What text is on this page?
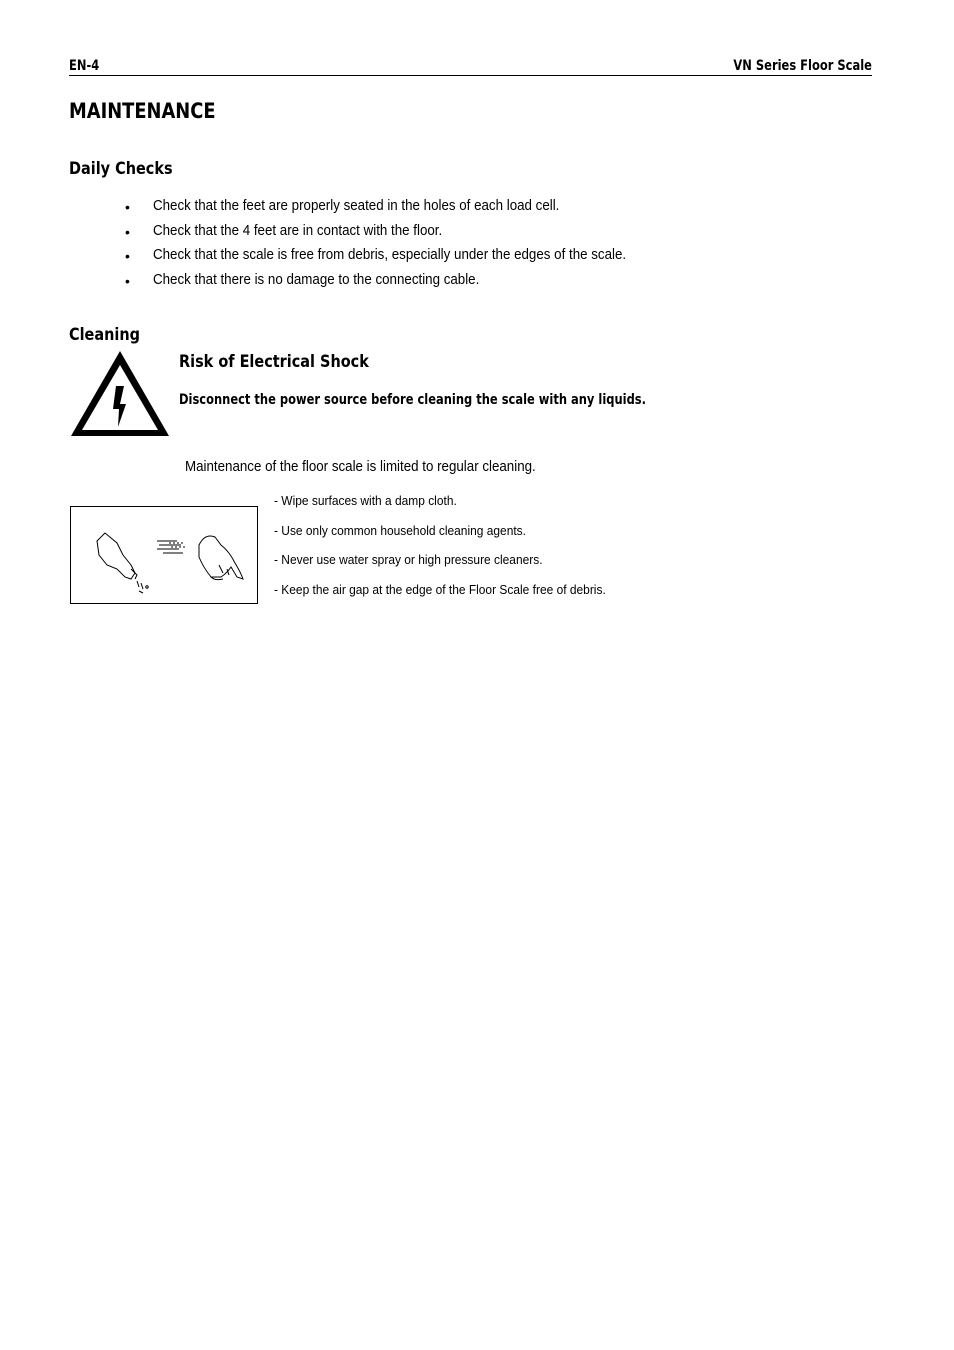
EN-4	VN Series Floor Scale
MAINTENANCE
Daily Checks
• Check that the feet are properly seated in the holes of each load cell.
• Check that the 4 feet are in contact with the floor.
• Check that the scale is free from debris, especially under the edges of the scale.
• Check that there is no damage to the connecting cable.
Cleaning
Risk of Electrical Shock
Disconnect the power source before cleaning the scale with any liquids.
Maintenance of the floor scale is limited to regular cleaning.
- Wipe surfaces with a damp cloth.
- Use only common household cleaning agents.
- Never use water spray or high pressure cleaners.
- Keep the air gap at the edge of the Floor Scale free of debris.
